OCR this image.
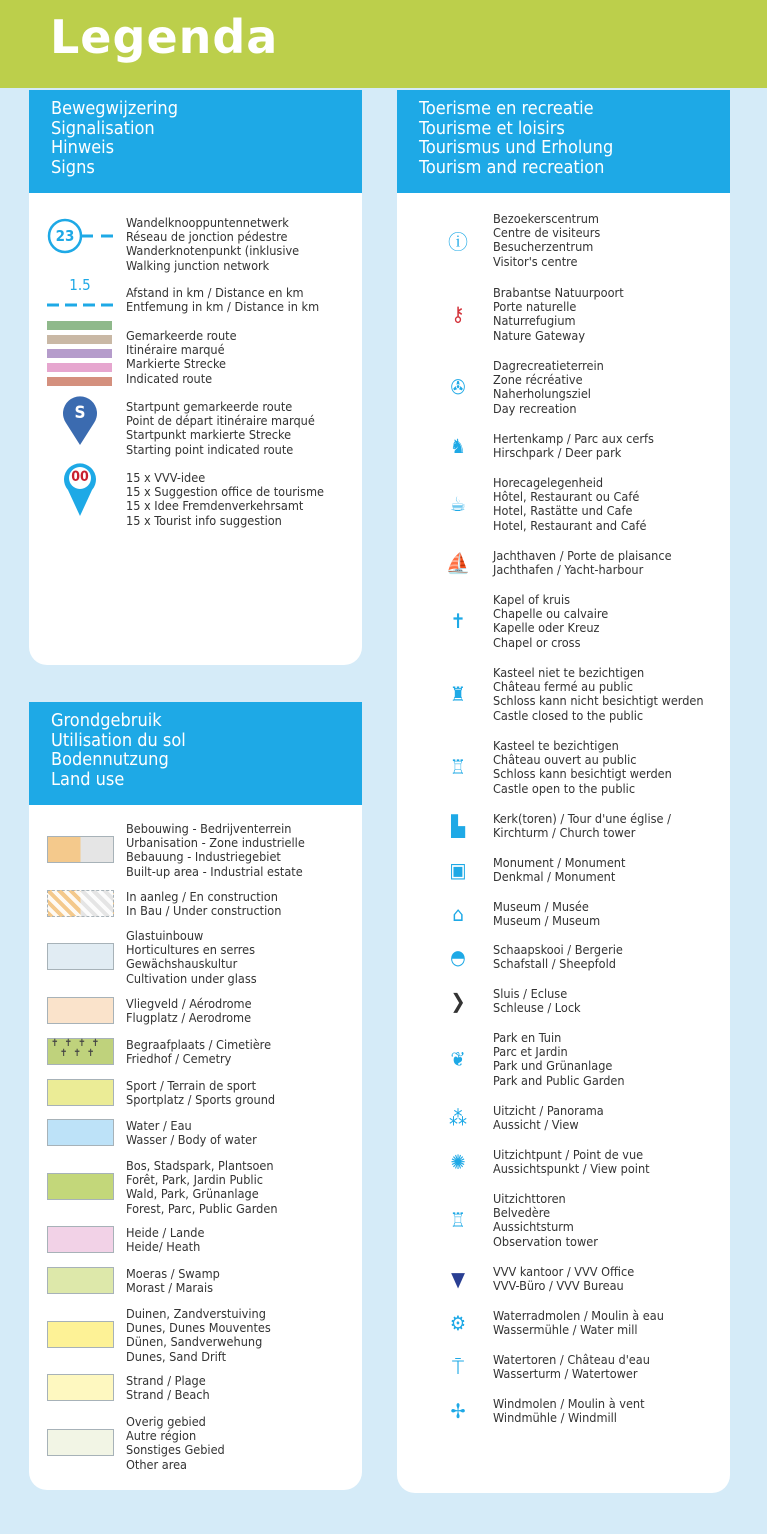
Legenda
Bewegwijzering
Signalisation
Hinweis
Signs
Wandelknooppuntennetwerk
Réseau de jonction pédestre
Wanderknotenpunkt (inklusive
Walking junction network
Afstand in km / Distance en km
Entfemung in km / Distance in km
Gemarkeerde route
Itinéraire marqué
Markierte Strecke
Indicated route
Startpunt gemarkeerde route
Point de départ itinéraire marqué
Startpunkt markierte Strecke
Starting point indicated route
15 x VVV-idee
15 x Suggestion office de tourisme
15 x Idee Fremdenverkehrsamt
15 x Tourist info suggestion
23
1.5
S
00
Grondgebruik
Utilisation du sol
Bodennutzung
Land use
Bebouwing - Bedrijventerrein
Urbanisation - Zone industrielle
Bebauung - Industriegebiet
Built-up area - Industrial estate
In aanleg / En construction
In Bau / Under construction
Glastuinbouw
Horticultures en serres
Gewächshauskultur
Cultivation under glass
Vliegveld / Aérodrome
Flugplatz / Aerodrome
Begraafplaats / Cimetière
Friedhof / Cemetry
✝✝✝✝
✝✝✝
Sport / Terrain de sport
Sportplatz / Sports ground
Water / Eau
Wasser / Body of water
Bos, Stadspark, Plantsoen
Forêt, Park, Jardin Public
Wald, Park, Grünanlage
Forest, Parc, Public Garden
Heide / Lande
Heide/ Heath
Moeras / Swamp
Morast / Marais
Duinen, Zandverstuiving
Dunes, Dunes Mouventes
Dünen, Sandverwehung
Dunes, Sand Drift
Strand / Plage
Strand / Beach
Overig gebied
Autre région
Sonstiges Gebied
Other area
Toerisme en recreatie
Tourisme et loisirs
Tourismus und Erholung
Tourism and recreation
Bezoekerscentrum
Centre de visiteurs
Besucherzentrum
Visitor's centre
ⓘ
Brabantse Natuurpoort
Porte naturelle
Naturrefugium
Nature Gateway
⚷
Dagrecreatieterrein
Zone récréative
Naherholungsziel
Day recreation
✇
Hertenkamp / Parc aux cerfs
Hirschpark / Deer park
♞
Horecagelegenheid
Hôtel, Restaurant ou Café
Hotel, Rastätte und Cafe
Hotel, Restaurant and Café
☕
Jachthaven / Porte de plaisance
Jachthafen / Yacht-harbour
⛵
Kapel of kruis
Chapelle ou calvaire
Kapelle oder Kreuz
Chapel or cross
✝
Kasteel niet te bezichtigen
Château fermé au public
Schloss kann nicht besichtigt werden
Castle closed to the public
♜
Kasteel te bezichtigen
Château ouvert au public
Schloss kann besichtigt werden
Castle open to the public
♖
Kerk(toren) / Tour d'une église /
Kirchturm / Church tower
▙
Monument / Monument
Denkmal / Monument
▣
Museum / Musée
Museum / Museum
⌂
Schaapskooi / Bergerie
Schafstall / Sheepfold
◓
Sluis / Ecluse
Schleuse / Lock
❯
Park en Tuin
Parc et Jardin
Park und Grünanlage
Park and Public Garden
❦
Uitzicht / Panorama
Aussicht / View
⁂
Uitzichtpunt / Point de vue
Aussichtspunkt / View point
✺
Uitzichttoren
Belvedère
Aussichtsturm
Observation tower
♖
VVV kantoor / VVV Office
VVV-Büro / VVV Bureau
▼
Waterradmolen / Moulin à eau
Wassermühle / Water mill
⚙
Watertoren / Château d'eau
Wasserturm / Watertower
⍑
Windmolen / Moulin à vent
Windmühle / Windmill
✢
